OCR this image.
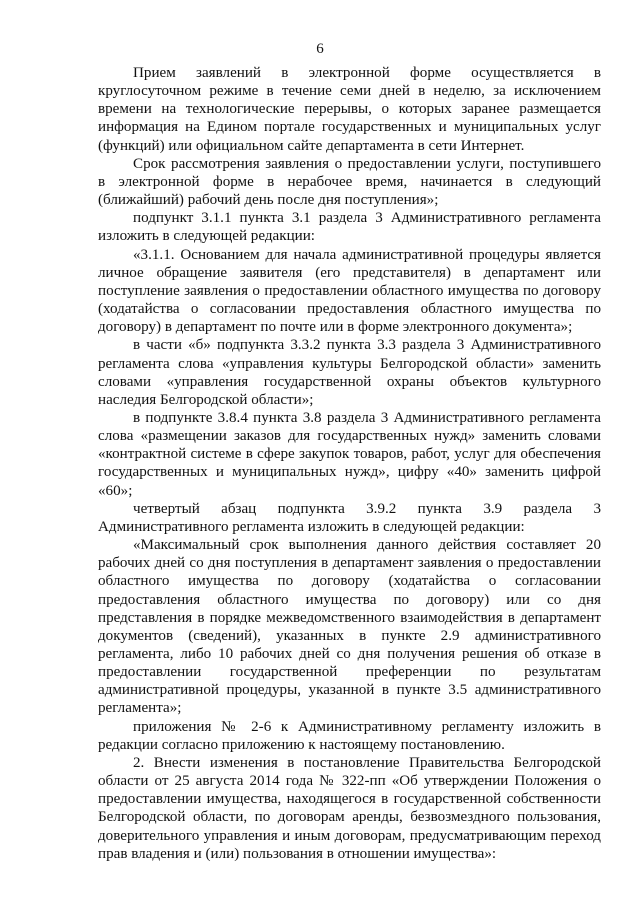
6

Прием заявлений в электронной форме осуществляется в круглосуточном режиме в течение семи дней в неделю, за исключением времени на технологические перерывы, о которых заранее размещается информация на Едином портале государственных и муниципальных услуг (функций) или официальном сайте департамента в сети Интернет.

Срок рассмотрения заявления о предоставлении услуги, поступившего в электронной форме в нерабочее время, начинается в следующий (ближайший) рабочий день после дня поступления»;

подпункт 3.1.1 пункта 3.1 раздела 3 Административного регламента изложить в следующей редакции:

«3.1.1. Основанием для начала административной процедуры является личное обращение заявителя (его представителя) в департамент или поступление заявления о предоставлении областного имущества по договору (ходатайства о согласовании предоставления областного имущества по договору) в департамент по почте или в форме электронного документа»;

в части «б» подпункта 3.3.2 пункта 3.3 раздела 3 Административного регламента слова «управления культуры Белгородской области» заменить словами «управления государственной охраны объектов культурного наследия Белгородской области»;

в подпункте 3.8.4 пункта 3.8 раздела 3 Административного регламента слова «размещении заказов для государственных нужд» заменить словами «контрактной системе в сфере закупок товаров, работ, услуг для обеспечения государственных и муниципальных нужд», цифру «40» заменить цифрой «60»;

четвертый абзац подпункта 3.9.2 пункта 3.9 раздела 3 Административного регламента изложить в следующей редакции:

«Максимальный срок выполнения данного действия составляет 20 рабочих дней со дня поступления в департамент заявления о предоставлении областного имущества по договору (ходатайства о согласовании предоставления областного имущества по договору) или со дня представления в порядке межведомственного взаимодействия в департамент документов (сведений), указанных в пункте 2.9 административного регламента, либо 10 рабочих дней со дня получения решения об отказе в предоставлении государственной преференции по результатам административной процедуры, указанной в пункте 3.5 административного регламента»;

приложения № 2-6 к Административному регламенту изложить в редакции согласно приложению к настоящему постановлению.

2. Внести изменения в постановление Правительства Белгородской области от 25 августа 2014 года № 322-пп «Об утверждении Положения о предоставлении имущества, находящегося в государственной собственности Белгородской области, по договорам аренды, безвозмездного пользования, доверительного управления и иным договорам, предусматривающим переход прав владения и (или) пользования в отношении имущества»:
